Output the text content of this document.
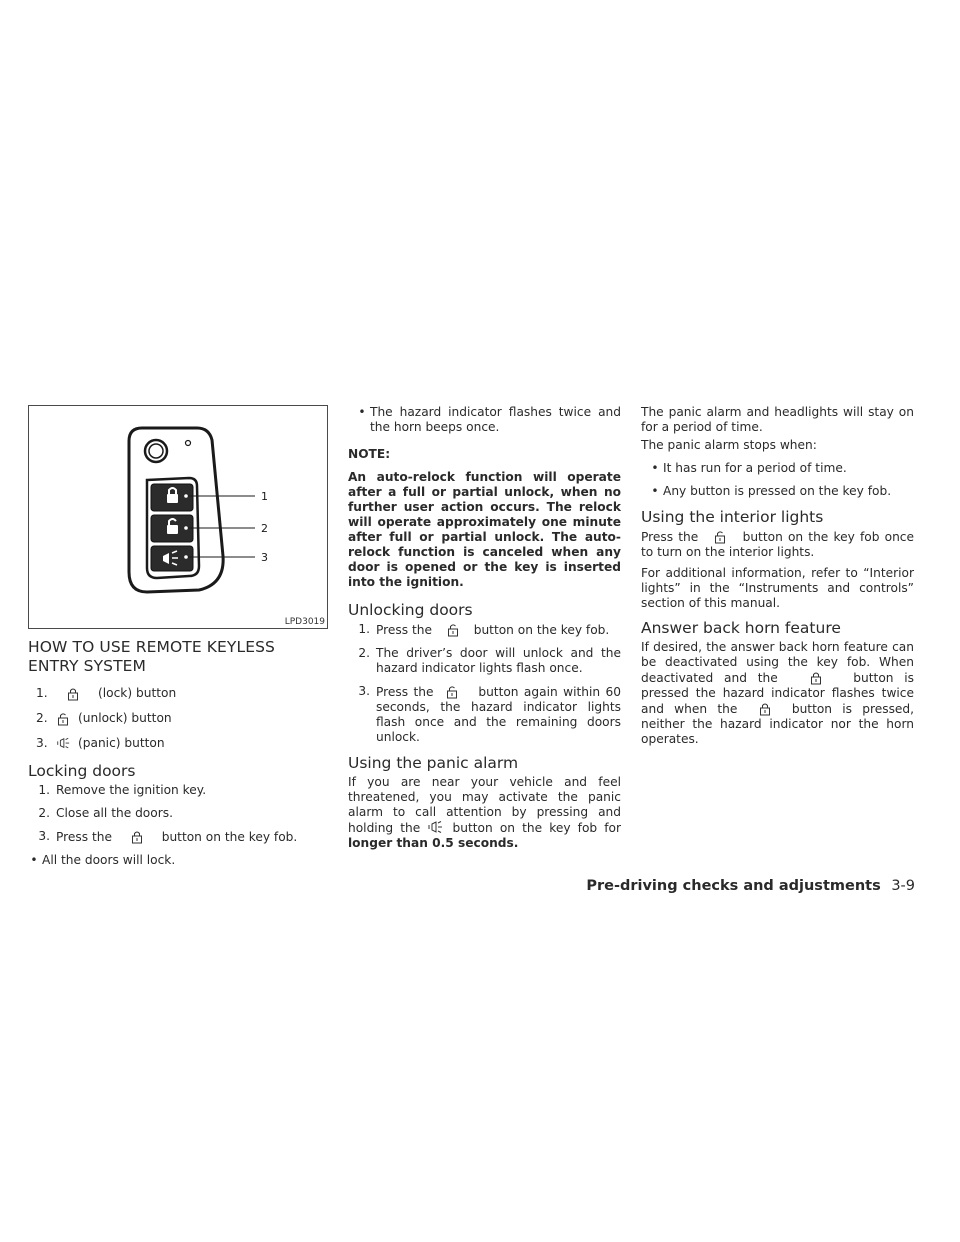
1
2
3
LPD3019
HOW TO USE REMOTE KEYLESS
ENTRY SYSTEM
1.	(lock) button
2.	(unlock) button
3.	(panic) button
Locking doors
1. Remove the ignition key.
2. Close all the doors.
3. Press the	button on the key fob.
• All the doors will lock.
• The hazard indicator flashes twice and the horn beeps once.
NOTE:
An auto-relock function will operate after a full or partial unlock, when no further user action occurs. The relock will operate approximately one minute after full or partial unlock. The auto-relock function is canceled when any door is opened or the key is inserted into the ignition.
Unlocking doors
1. Press the	button on the key fob.
2. The driver’s door will unlock and the hazard indicator lights flash once.
3. Press the	button again within 60 seconds, the hazard indicator lights flash once and the remaining doors unlock.
Using the panic alarm
If you are near your vehicle and feel threatened, you may activate the panic alarm to call attention by pressing and holding the	button on the key fob for longer than 0.5 seconds.
The panic alarm and headlights will stay on for a period of time.
The panic alarm stops when:
• It has run for a period of time.
• Any button is pressed on the key fob.
Using the interior lights
Press the	button on the key fob once to turn on the interior lights.
For additional information, refer to “Interior lights” in the “Instruments and controls” section of this manual.
Answer back horn feature
If desired, the answer back horn feature can be deactivated using the key fob. When deactivated and the	button is pressed the hazard indicator flashes twice and when the	button is pressed, neither the hazard indicator nor the horn operates.
Pre-driving checks and adjustments 3-9
